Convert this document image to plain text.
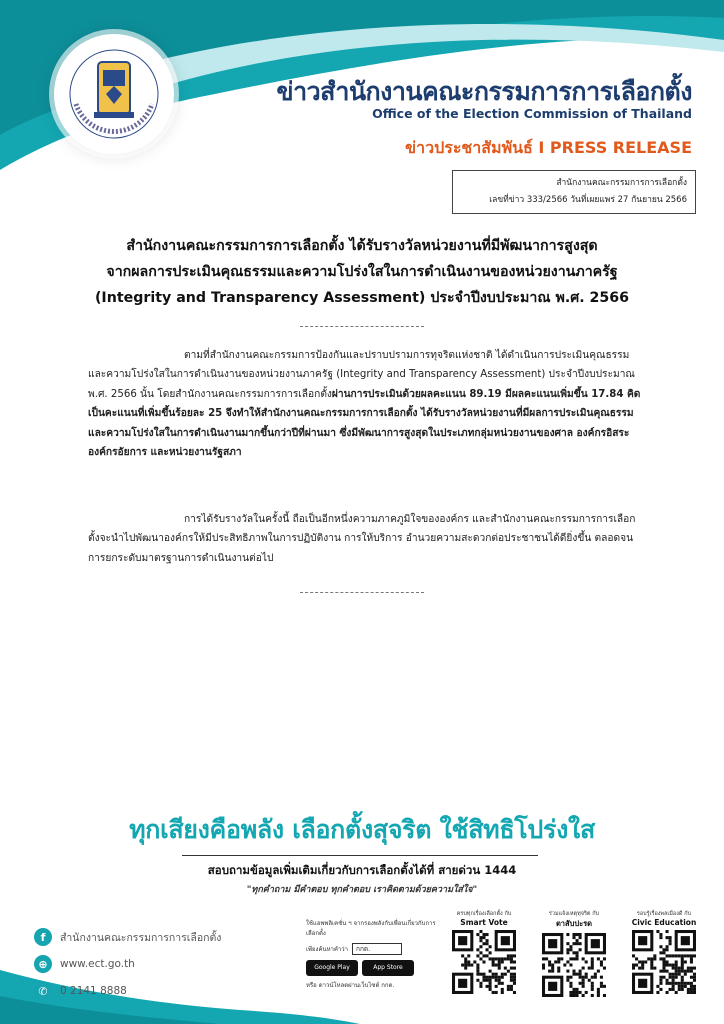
ข่าวสำนักงานคณะกรรมการการเลือกตั้ง
Office of the Election Commission of Thailand
ข่าวประชาสัมพันธ์ I PRESS RELEASE
สำนักงานคณะกรรมการการเลือกตั้ง
เลขที่ข่าว 333/2566 วันที่เผยแพร่ 27 กันยายน 2566
สำนักงานคณะกรรมการการเลือกตั้ง ได้รับรางวัลหน่วยงานที่มีพัฒนาการสูงสุด
จากผลการประเมินคุณธรรมและความโปร่งใสในการดำเนินงานของหน่วยงานภาครัฐ
(Integrity and Transparency Assessment) ประจำปีงบประมาณ พ.ศ. 2566

ตามที่สำนักงานคณะกรรมการป้องกันและปราบปรามการทุจริตแห่งชาติ ได้ดำเนินการประเมินคุณธรรมและความโปร่งใสในการดำเนินงานของหน่วยงานภาครัฐ (Integrity and Transparency Assessment) ประจำปีงบประมาณ พ.ศ. 2566 นั้น โดยสำนักงานคณะกรรมการการเลือกตั้งผ่านการประเมินด้วยผลคะแนน 89.19 มีผลคะแนนเพิ่มขึ้น 17.84 คิดเป็นคะแนนที่เพิ่มขึ้นร้อยละ 25 จึงทำให้สำนักงานคณะกรรมการการเลือกตั้ง ได้รับรางวัลหน่วยงานที่มีผลการประเมินคุณธรรมและความโปร่งใสในการดำเนินงานมากขึ้นกว่าปีที่ผ่านมา ซึ่งมีพัฒนาการสูงสุดในประเภทกลุ่มหน่วยงานของศาล องค์กรอิสระ องค์กรอัยการ และหน่วยงานรัฐสภา

การได้รับรางวัลในครั้งนี้ ถือเป็นอีกหนึ่งความภาคภูมิใจขององค์กร และสำนักงานคณะกรรมการการเลือกตั้งจะนำไปพัฒนาองค์กรให้มีประสิทธิภาพในการปฏิบัติงาน การให้บริการ อำนวยความสะดวกต่อประชาชนได้ดียิ่งขึ้น ตลอดจนการยกระดับมาตรฐานการดำเนินงานต่อไป

ทุกเสียงคือพลัง เลือกตั้งสุจริต ใช้สิทธิโปร่งใส
สอบถามข้อมูลเพิ่มเติมเกี่ยวกับการเลือกตั้งได้ที่ สายด่วน 1444
"ทุกคำถาม มีคำตอบ ทุกคำตอบ เราคิดตามด้วยความใส่ใจ"
f	สำนักงานคณะกรรมการการเลือกตั้ง
⊕	www.ect.go.th
✆	0 2141 8888
ใช้แอพพลิเคชั่น ฯ จากรองพลังกับเพื่อนเกี่ยวกับการเลือกตั้ง
เพียงค้นหาคำว่า	กกต.
Google Play	App Store
หรือ ดาวน์โหลดผ่านเว็บไซต์ กกต.
ครบทุกเรื่องเลือกตั้ง กับ
Smart Vote
ร่วมแจ้งเหตุทุจริต กับ
ตาสับปะรด
รอบรู้เรื่องพลเมืองดี กับ
Civic Education
